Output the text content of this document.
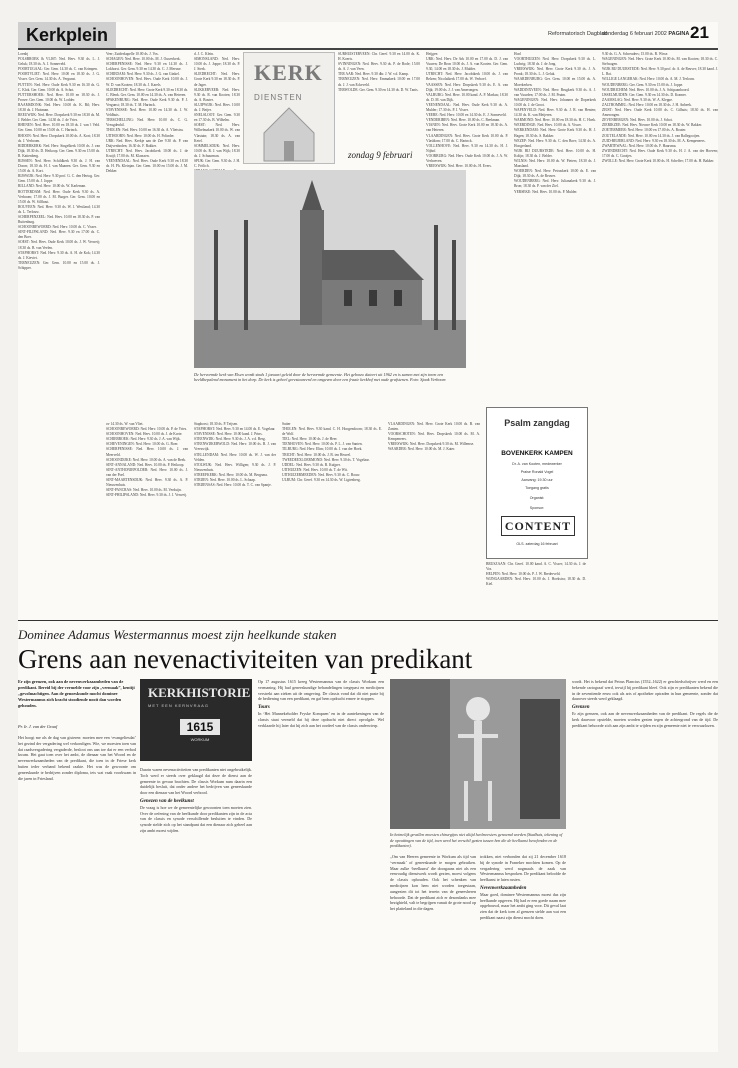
Kerkplein	Reformatorisch Dagblad
donderdag 6 februari 2002 PAGINA 21

Loenhj

POLSBROEK & VLIST: Ned. Herv. 9.30 ds. L. J. Geluk; 18.30 ds. A. J. Sonneveld.

POORTUGAAL: Ger. Gem. 14.30 ds. C. van Krimpen.

POORTVLIET: Ned. Herv. 10.00 en 18.30 ds. J. G. Visser. Ger. Gem. 14.30 ds. A. Vergunst.

PUTTEN: Ned. Herv. Oude Kerk 9.30 en 16.30 ds. G. C. Klok. Ger. Gem. 10.00 ds. A. Schot.

PUTTERSHOEK: Ned. Herv. 10.00 en 18.30 ds. J. Prosee. Ger. Gem. 10.00 ds. W. Lodder.

RAAMSDONK: Ned. Herv. 10.00 ds. K. Bil; Herv. 18.30 ds. J. Huisman.

REEUWIJK: Ned. Herv. Dorpskerk 9.30 en 18.30 ds. M. J. Belder. Ger. Gem. 14.30 ds. J. de Vries.

RHENEN: Ned. Herv. 10.00 en 18.30 ds. J. van 't Veld. Ger. Gem. 10.00 en 15.00 ds. C. Harinck.

RHOON: Ned. Herv. Dorpskerk 10.00 ds. A. Kort; 18.30 ds. J. Verboom.

RIDDERKERK: Ned. Herv. Singelkerk 10.00 ds. J. van Dijk; 18.30 ds. D. Heikoop. Ger. Gem. 9.30 en 15.00 ds. R. Kattenberg.

RIJSSEN: Ned. Herv. Schildkerk 9.30 ds. J. H. van Doorn; 18.30 ds. H. J. van Maanen. Ger. Gem. 9.30 en 15.00 ds. A. Kort.

RIJSWIJK: Ned. Herv. 9.30 prof. G. C. den Hertog. Ger. Gem. 15.00 ds. J. Joppe.

RILLAND: Ned. Herv. 10.00 ds. W. Karleman.

ROTTERDAM: Ned. Herv. Oude Kerk 9.30 ds. A. Verboom; 17.00 ds. J. M. Burger. Ger. Gem. 10.00 en 15.00 ds. W. Silfhout.

ROUVEEN: Ned. Herv. 9.30 ds. W. J. Westland; 14.30 ds. L. Terlouw.

SCHERPENZEEL: Ned. Herv. 10.00 en 18.30 ds. P. van Ruitenburg.

SCHOONREWOERD: Ned. Herv. 10.00 ds. C. Visser.

SINT-FILIPSLAND: Ned. Herv. 9.30 en 17.00 ds. C. den Boer.

SOEST: Ned. Herv. Oude Kerk 10.00 ds. J. W. Verweij; 18.30 ds. B. van Veelen.

STAPHORST: Ned. Herv. 9.30 ds. A. H. de Kok; 14.30 ds. J. Kieviet.

TERNEUZEN: Ger. Gem. 10.00 en 15.00 ds. J. Schipper.

Veer; Zuiderkapelle 10.00 ds. J. Vos.

SCHAGEN: Ned. Herv. 10.00 ds. M. J. Ouwerkerk.

SCHERPENISSE: Ned. Herv. 9.30 en 14.30 ds. J. Lokhorst. Ger. Gem. 9.30 en 14.30 ds. C. J. Meeuse.

SCHIEDAM: Ned. Herv. 9.30 ds. J. G. van Ginkel.

SCHOONHOVEN: Ned. Herv. Oude Kerk 10.00 ds. J. W. D. van Kooten; 18.30 ds. J. Karels.

SLIEDRECHT: Ned. Herv. Grote Kerk 9.30 en 18.30 ds. C. Blenk. Ger. Gem. 10.00 en 14.30 ds. A. van Heteren.

SPAKENBURG: Ned. Herv. Oude Kerk 9.30 ds. P. J. Vergunst; 18.30 ds. T. M. Harinck.

STAVENISSE: Ned. Herv. 10.00 en 14.30 ds. J. W. Veldhuis.

TERSCHELLING: Ned. Herv. 10.00 ds. C. G. Vreugdenhil.

THOLEN: Ned. Herv. 10.00 en 16.30 ds. A. Vlietstra.

UITHOORN: Ned. Herv. 10.00 ds. H. Polinder.

URK: Ned. Herv. Kerkje aan de Zee 9.30 ds. P. van Duijvenboden; 16.30 ds. F. Bakker.

UTRECHT: Ned. Herv. Jacobikerk 10.00 ds. J. de Kruijf; 17.00 ds. M. Klaassen.

VEENENDAAL: Ned. Herv. Oude Kerk 9.30 en 18.30 ds. H. Ph. Kleinjan. Ger. Gem. 10.00 en 15.00 ds. J. M. Dekker.

d. J. C. Klein.

SIMONSLAND: Ned. Herv. 10.00 ds. J. Joppe; 18.30 ds. P. J. Sterk.

SLIEDRECHT: Ned. Herv. Grote Kerk 9.30 en 18.30 ds. P. de Jager.

SLIKKERVEER: Ned. Herv. 9.30 ds. R. van Kooten; 18.30 ds. A. Bouter.

SLUIPWIJK: Ned. Herv. 10.00 ds. J. Beijer.

SNELSLOOT: Ger. Gem. 9.30 en 17.30 ds. B. Wilhelm.

SOEST: Ned. Herv. Wilhelmakerk 10.00 ds. W. van Vlastuin; 18.30 ds. A. van Ketel.

SOMMELSDIJK: Ned. Herv. 10.00 ds. R. J. van Wijk; 18.30 ds. J. Schuurman.

SPIJK: Ger. Gem. 9.30 ds. J. H. C. Frölich.

KERK
DIENSTEN
zondag 9 februari

SURHUISTERVEEN: Chr. Geref. 9.30 en 14.00 ds. K. H. Koerts.

SVINNINGEN: Ned. Herv. 9.30 ds. P. de Bode; 15.00 ds. A. J. van Veen.

TER AAR: Ned. Herv. 9.30 dhr. J. W. v.d. Kamp.

TERNEUZEN: Ned. Herv. Emmakerk 10.00 en 17.00 ds. J. J. van Eckeveld.

TERWOLDE: Ger. Gem. 9.30 en 14.30 ds. D. W. Tanis.

Heijgen

URK: Ned. Herv. De Ark 10.00 en 17.00 ds. D. J. van Vuuren; De Bron 10.00 ds. J. A. van Kooten. Ger. Gem. 9.30, 14.00 en 18.30 ds. J. Mulder.

UTRECHT: Ned. Herv. Jacobikerk 10.00 ds. J. van Belzen; Nicolaïkerk 17.00 ds. W. Verhoef.

VAASSEN: Ned. Herv. Dorpskerk 9.30 ds. E. A. van Dijk; 19.00 ds. J. J. van Amerongen.

VALBURG: Ned. Herv. 10.00 kand. A. P. Markus; 18.30 ds. D. M. van Dijk.

VEENENDAAL: Ned. Herv. Oude Kerk 9.30 ds. A. Mulder; 17.30 ds. P. J. Visser.

VEERE: Ned. Herv. 10.00 en 14.30 ds. E. J. Sonneveld.

VENDERIBEN: Ned. Herv. 10.00 ds. C. Beekman.

VIANEN: Ned. Herv. Grote Kerk 10.00 en 18.30 ds. A. van Heteren.

VLAARDINGEN: Ned. Herv. Grote Kerk 10.00 ds. P. Vlasblom; 17.00 ds. C. Harinck.

VOLLENHOVE: Ned. Herv. 9.30 en 14.30 ds. H. J. Nijhof.

VOORBURG: Ned. Herv. Oude Kerk 10.00 ds. J. A. W. Verhoeven.

VREESWIJK: Ned. Herv. 10.00 ds. H. Evers.

Hool

VOORTHUIZEN: Ned. Herv. Dorpskerk 9.30 ds. L. Ludwig; 18.30 ds. J. de Jong.

VREESWIJK: Ned. Herv. Grote Kerk 9.30 ds. J. A. Pronk; 18.30 ds. L. J. Geluk.

WAARDENBURG: Ger. Gem. 10.00 en 15.00 ds. A. Moerkerken.

WADDINXVEEN: Ned. Herv. Brugkerk 9.30 ds. A. J. van Vuurden; 17.00 ds. J. M. Pruim.

WAGENINGEN: Ned. Herv. Johannes de Doperkerk 10.00 ds. J. de Groot.

WAPENVELD: Ned. Herv. 9.30 ds. J. R. van Henten; 14.30 ds. K. van Meijeren.

WARMOND: Ned. Herv. 10.00 en 18.30 ds. H. C. Hoek.

WEERDINGE: Ned. Herv. 10.00 ds. A. Visser.

WERKENDAM: Ned. Herv. Grote Kerk 9.30 ds. H. J. Hagen; 18.30 ds. S. Bakker.

WEZEP: Ned. Herv. 9.30 ds. C. den Boer; 14.30 ds. A. Hoogerland.

WIJK BIJ DUURSTEDE: Ned. Herv. 10.00 ds. H. Kolijn; 18.30 ds. J. Belder.

WILNIS: Ned. Herv. 10.00 ds. W. Pieters; 18.30 ds. J. Maasland.

WOERDEN: Ned. Herv. Petruskerk 10.00 ds. E. van Dijk; 18.30 ds. A. de Reuver.

WOUDENBERG: Ned. Herv. Julianakerk 9.30 ds. J. Bron; 18.30 ds. P. van der Ziel.

YERSEKE: Ned. Herv. 10.00 ds. P. Mulder.

9.30 ds. G. A. Schreuders; 15.00 ds. B. Wisse.

WAGENINGEN: Ned. Herv. Grote Kerk 10.00 ds. M. van Kooten; 18.30 ds. C. Stelwagen.

WIJK BIJ DUURSTEDE: Ned. Herv. 9.30 prof. dr. A. de Reuver; 18.30 kand. J. L. Rot.

WILLIGE LANGERAK: Ned. Herv. 10.00 ds. A. M. J. Terlouw.

WOUDENBERG: Ger. Gem. 9.30 en 15.00 ds. J. Joppe.

WOUDRICHEM: Ned. Herv. 10.00 ds. J. A. Schipaanboord.

IJSSELMUIDEN: Ger. Gem. 9.30 en 14.30 ds. D. Kramer.

ZAAMSLAG: Ned. Herv. 9.30 ds. W. A. Kleppe.

ZALTBOMMEL: Ned. Herv. 10.00 en 18.30 ds. J. H. Anbeek.

ZEIST: Ned. Herv. Oude Kerk 10.00 ds. C. Gilhuis; 18.30 ds. H. van Amerongen.

ZEVENBERGEN: Ned. Herv. 10.00 ds. J. Schot.

ZIERIKZEE: Ned. Herv. Nieuwe Kerk 10.00 en 18.30 ds. W. Bakker.

ZOETERMEER: Ned. Herv. 10.00 en 17.00 ds. A. Bouter.

ZOUTELANDE: Ned. Herv. 10.00 en 14.30 ds. J. van Ballegooijen.

ZUID-BEIJERLAND: Ned. Herv. 9.30 en 18.30 ds. M. A. Kempeneers.

ZWARTEWAAL: Ned. Herv. 10.00 ds. F. Haarsma.

ZWIJNDRECHT: Ned. Herv. Oude Kerk 9.30 ds. H. J. A. van der Hoeven; 17.00 ds. C. Gootjes.

ZWOLLE: Ned. Herv. Grote Kerk 10.00 ds. H. Scheffer; 17.00 ds. H. Bakker.

De hervormde kerk van Elsen wordt sinds 1 januari geleid door de hervormde gemeente. Het gebouw dateert uit 1962 en is samen met zijn toren een beeldbepalend monument in het dorp. De kerk is geheel gerestaureerd en omgeven door een fraaie kerkhof met oude grafstenen. Foto: Sjaak Verboom

ov 14.30 ds. W. van Vliet.

SCHOONREWOERD: Ned. Herv. 10.00 ds. P. de Vries.

SCHOONHOVEN: Ned. Herv. 10.00 ds. J. de Korte.

SCHIEBROEK: Ned. Herv. 9.30 ds. J. A. van Wijk.

SCHEVENINGEN: Ned. Herv. 10.00 ds. G. Boer.

SCHERPENISSE: Ned. Herv. 10.00 ds. J. van Meerveld.

SCHOONDIJKE: Ned. Herv. 10.00 ds. A. van de Beek.

SINT-ANNALAND: Ned. Herv. 10.00 ds. P. Heikoop.

SINT-ANTHONIEPOLDER: Ned. Herv. 10.00 ds. J. van der Poel.

SINT-MAARTENSDIJK: Ned. Herv. 9.30 ds. A. P. Nieuwenhuis.

SINT-PANCRAS: Ned. Herv. 10.00 ds. M. Verduijn.

SINT-PHILIPSLAND: Ned. Herv. 9.30 ds. J. J. Verweij.

Staphorst; 18.30 ds. P. Teijsen.

STAPHORST: Ned. Herv. 9.30 en 14.00 ds. E. Vogelaar.

STAVENISSE: Ned. Herv. 10.00 kand. J. Prins.

STEENWIJK: Ned. Herv. 9.30 ds. J. A. v.d. Berg.

STEENWIJKERWOLD: Ned. Herv. 10.00 ds. B. J. van Vreeswijk.

STELLENDAM: Ned. Herv. 10.00 ds. W. J. van der Velden.

STOLWIJK: Ned. Herv. Willigen; 9.30 ds. J. P. Nieuwenhuis.

STREEFKERK: Ned. Herv. 10.00 ds. M. Bergsma.

STRIJEN: Ned. Herv. 10.00 ds. L. Schaap.

STRIJENSAS: Ned. Herv. 10.00 ds. T. C. van Spanje.

Sutter

THOLEN: Ned. Herv. 9.30 kand. C. H. Hoogendoorn; 18.30 ds. E. de Wolf.

TIEL: Ned. Herv. 10.00 ds. J. de Heer.

TIENHOVEN: Ned. Herv. 10.00 ds. P. L. J. van Santen.

TILBURG: Ned. Herv. Elim; 10.00 ds. J. van der Hoek.

TRICHT: Ned. Herv. 10.00 ds. J. B. ten Heuvel.

TWEEDEEXLOERMOND: Ned. Herv. 9.30 ds. T. Vogelaar.

UDDEL: Ned. Herv. 9.30 ds. B. Kuijper.

UITHUIZEN: Ned. Herv. 10.00 ds. T. de Wit.

UITHUIZERMEEDEN: Ned. Herv. 9.30 ds. C. Bouw.

ULRUM: Chr. Geref. 9.30 en 14.30 ds. W. Ligtenberg.

VLAARDINGEN: Ned. Herv. Grote Kerk 10.00 ds. B. van Zanten.

VOORSCHOTEN: Ned. Herv. Dorpskerk 10.00 ds. M. A. Kempeneers.

VREESWIJK: Ned. Herv. Dorpskerk 9.30 ds. M. Willemse.

WAARDER: Ned. Herv. 10.00 ds. M. J. Kater.

BRUSZAAN: Chr. Geref. 10.00 kand. A. C. Visser; 14.30 ds. J. de Vos.

HELPEN: Ned. Herv. 10.00 ds. P. J. W. Brederveld.

WIJNGAARDEN: Ned. Herv. 10.00 ds. J. Hoekstra; 18.30 ds. D. Kiel.

Psalm zangdag
BOVENKERK KAMPEN
Dr. A. van Kooten, medewerker
Praise Ronald Vogel
Aanvang: 19.30 uur
Toegang gratis
Organist:
Sponsor:
CONTENT
OLS. zaterdag 16 februari
Dominee Adamus Westermannus moest zijn heelkunde staken
Grens aan nevenactiviteiten van predikant
Er zijn grenzen, ook aan de nevenwerkzaamheden van de predikant. Bereid bij der vermelde voor zijn „vermaak”, kentiji „gevolmachtigen. Aan de genoeskunde mocht dominee Westermannus zich kracht stoodiende nooit dan worden gehouden.
Pr. Ir. J. van der Graaf

Het hoogt me als de dag van gisteren: moeten mee een ‘evangeliesdat’ het gezind der vergadering wel verkondigen. Wie, we moesten toen van dat raadsvergadering vergaderde, besloot ons aan toe dat er een verbod kwam. Het gaat toen over het ambt, de dienaar van het Woord en de nevenwerkzaamheden van de predikant, die toen in de Friese kerk buiten ieder verband bekend raakte. Het was de gewoonte om geneeskunde te bedrijven zonder diploma, iets wat vaak voorkwam in die jaren in Friesland.

KERKHISTORIE
MET EEN KERNVRAAG
1615
WORKUM

Daarin waren nevenactiviteiten van predikanten niet ongebruikelijk. Toch werd er steeds over geklaagd dat deze de dienst aan de gemeente in gevaar brachten. De classis Workum nam daarin een duidelijk besluit, dat onder andere het bedrijven van geneeskunde door een dienaar van het Woord verbood.

Genezen van de heelkunst

De vraag is hoe we de gemeentelijke gewoonten toen moeten zien. Over de oefening van de heelkunde door predikanten zijn in de acta van de classis en synode verschillende besluiten te vinden. De synode stelde zich op het standpunt dat een dienaar zich geheel aan zijn ambt moest wijden.

Op 17 augustus 1615 kreeg Westermannus van de classis Workum een vermaning. Hij had geneeskundige behandelingen toegepast en medicijnen verstrekt aan zieken uit de omgeving. De classis vond dat dit niet paste bij de bediening van een predikant, en gaf hem opdracht ermee te stoppen.

Tours

In ‘Het Munnekeholder Fryske Kompaen’ en in de aantekeningen van de classis staat vermeld dat hij deze opdracht niet direct opvolgde. Wel verklaarde hij later dat hij zich aan het oordeel van de classis onderwierp.

In heimelijk gevallen moesten chirurgijns niet altijd heelmeesters genoemd worden (Stadhuis, tekening of de opvattingen van de tijd, toen werd het verschil gezien tussen hen die de heelkunst beoefenden en de predikanten).

„Om van Heeren gemeente in Workum als tijd van ‘vermaak’ of geneeskunde te mogen gebruiken. Maar zulke ‘heelkunst’ die doorgaans niet als een eenvoudig dienstwerk wordt gezien, moest volgens de classis ophouden. Ook het schenken van medicijnen kon hem niet worden toegestaan, aangezien dit tot het terrein van de geneesheren behoorde. Dat de predikant zich er desondanks mee bezighield, valt te begrijpen vanuit de grote nood op het platteland in die dagen.

trokken, niet verbonden dat zij 21 december 1618 bij de synode in Franeker mochten komen. Op de vergadering werd nogmaals de zaak van Westermannus besproken. De predikant beloofde de heelkunst te laten rusten.

Nevenwerkzaamheden

Maar goed, dominee Westermannus moest dus zijn heelkunde opgeven. Hij had er een goede naam mee opgebouwd, maar het ambt ging voor. Dit geval laat zien dat de kerk toen al grenzen stelde aan wat een predikant naast zijn dienst mocht doen.

wordt. Het is bekend dat Petrus Plancius (1552–1622) er geschiedschrijver werd en een bekende cartograaf werd, terwijl hij predikant bleef. Ook zijn er predikanten bekend die in de zeventiende eeuw ook als arts of apotheker optraden in hun gemeente, zonder dat daarover steeds werd geklaagd.

Grenzen

Er zijn grenzen, ook aan de nevenwerkzaamheden van de predikant. De regels die de kerk daarvoor opstelde, moeten worden gezien tegen de achtergrond van de tijd. De predikant behoorde zich aan zijn ambt te wijden en zijn gemeente niet te verwaarlozen.
